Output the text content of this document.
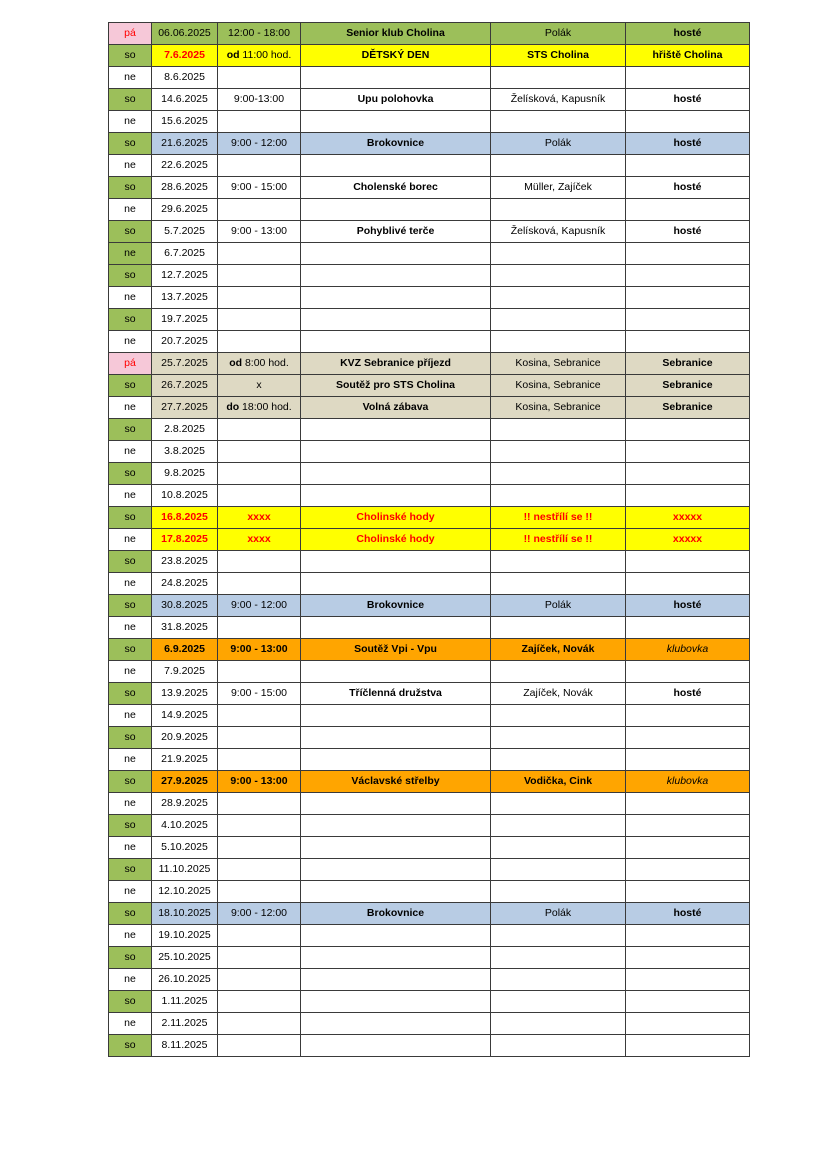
pá	06.06.2025	12:00 - 18:00	Senior klub Cholina	Polák	hosté
so	7.6.2025	od 11:00 hod.	DĚTSKÝ DEN	STS Cholina	hřiště Cholina
ne	8.6.2025				
so	14.6.2025	9:00-13:00	Upu polohovka	Želísková, Kapusník	hosté
ne	15.6.2025				
so	21.6.2025	9:00 - 12:00	Brokovnice	Polák	hosté
ne	22.6.2025				
so	28.6.2025	9:00 - 15:00	Cholenské borec	Müller, Zajíček	hosté
ne	29.6.2025				
so	5.7.2025	9:00 - 13:00	Pohyblivé terče	Želísková, Kapusník	hosté
ne	6.7.2025				
so	12.7.2025				
ne	13.7.2025				
so	19.7.2025				
ne	20.7.2025				
pá	25.7.2025	od 8:00 hod.	KVZ Sebranice příjezd	Kosina, Sebranice	Sebranice
so	26.7.2025	x	Soutěž pro STS Cholina	Kosina, Sebranice	Sebranice
ne	27.7.2025	do 18:00 hod.	Volná zábava	Kosina, Sebranice	Sebranice
so	2.8.2025				
ne	3.8.2025				
so	9.8.2025				
ne	10.8.2025				
so	16.8.2025	xxxx	Cholinské hody	!! nestřílí se !!	xxxxx
ne	17.8.2025	xxxx	Cholinské hody	!! nestřílí se !!	xxxxx
so	23.8.2025				
ne	24.8.2025				
so	30.8.2025	9:00 - 12:00	Brokovnice	Polák	hosté
ne	31.8.2025				
so	6.9.2025	9:00 - 13:00	Soutěž Vpi - Vpu	Zajíček, Novák	klubovka
ne	7.9.2025				
so	13.9.2025	9:00 - 15:00	Tříčlenná družstva	Zajíček, Novák	hosté
ne	14.9.2025				
so	20.9.2025				
ne	21.9.2025				
so	27.9.2025	9:00 - 13:00	Václavské střelby	Vodička, Cink	klubovka
ne	28.9.2025				
so	4.10.2025				
ne	5.10.2025				
so	11.10.2025				
ne	12.10.2025				
so	18.10.2025	9:00 - 12:00	Brokovnice	Polák	hosté
ne	19.10.2025				
so	25.10.2025				
ne	26.10.2025				
so	1.11.2025				
ne	2.11.2025				
so	8.11.2025				
